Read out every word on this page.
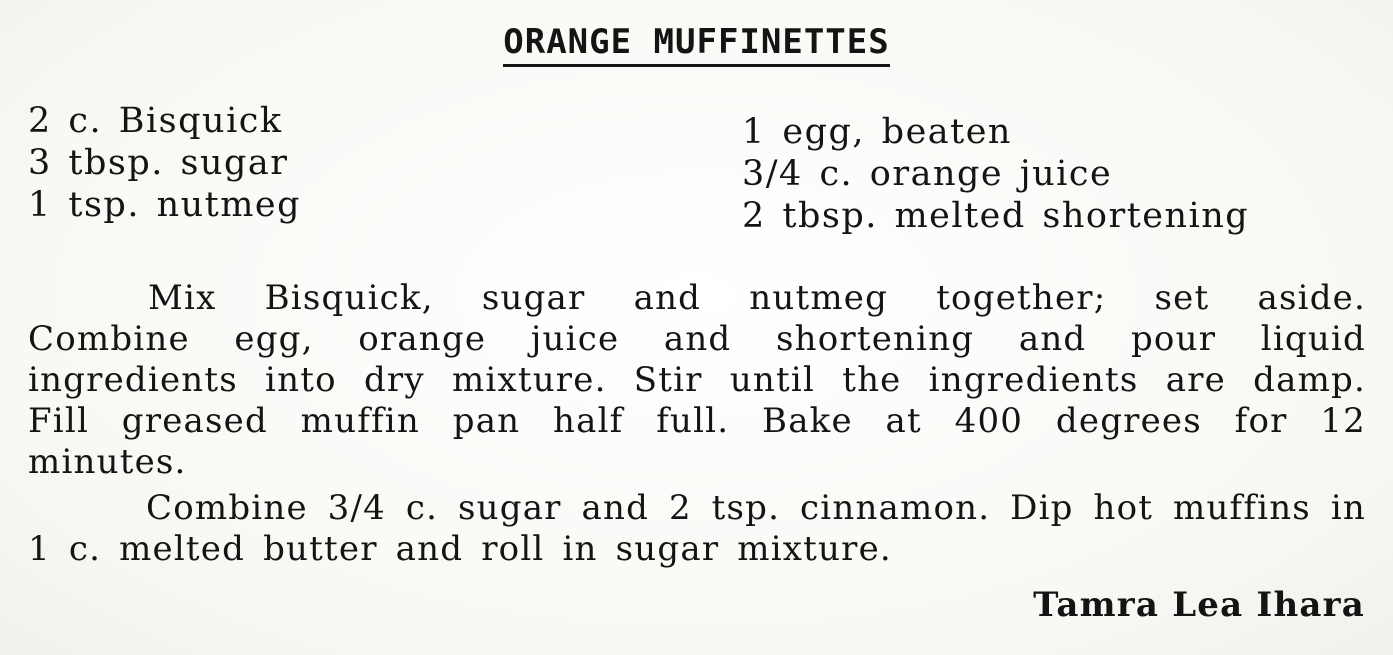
ORANGE MUFFINETTES
2 c. Bisquick
3 tbsp. sugar
1 tsp. nutmeg
1 egg, beaten
3/4 c. orange juice
2 tbsp. melted shortening

Mix Bisquick, sugar and nutmeg together; set aside. Combine egg, orange juice and shortening and pour liquid ingredients into dry mixture. Stir until the ingredients are damp. Fill greased muffin pan half full. Bake at 400 degrees for 12 minutes.

Combine 3/4 c. sugar and 2 tsp. cinnamon. Dip hot muffins in 1 c. melted butter and roll in sugar mixture.

Tamra Lea Ihara
